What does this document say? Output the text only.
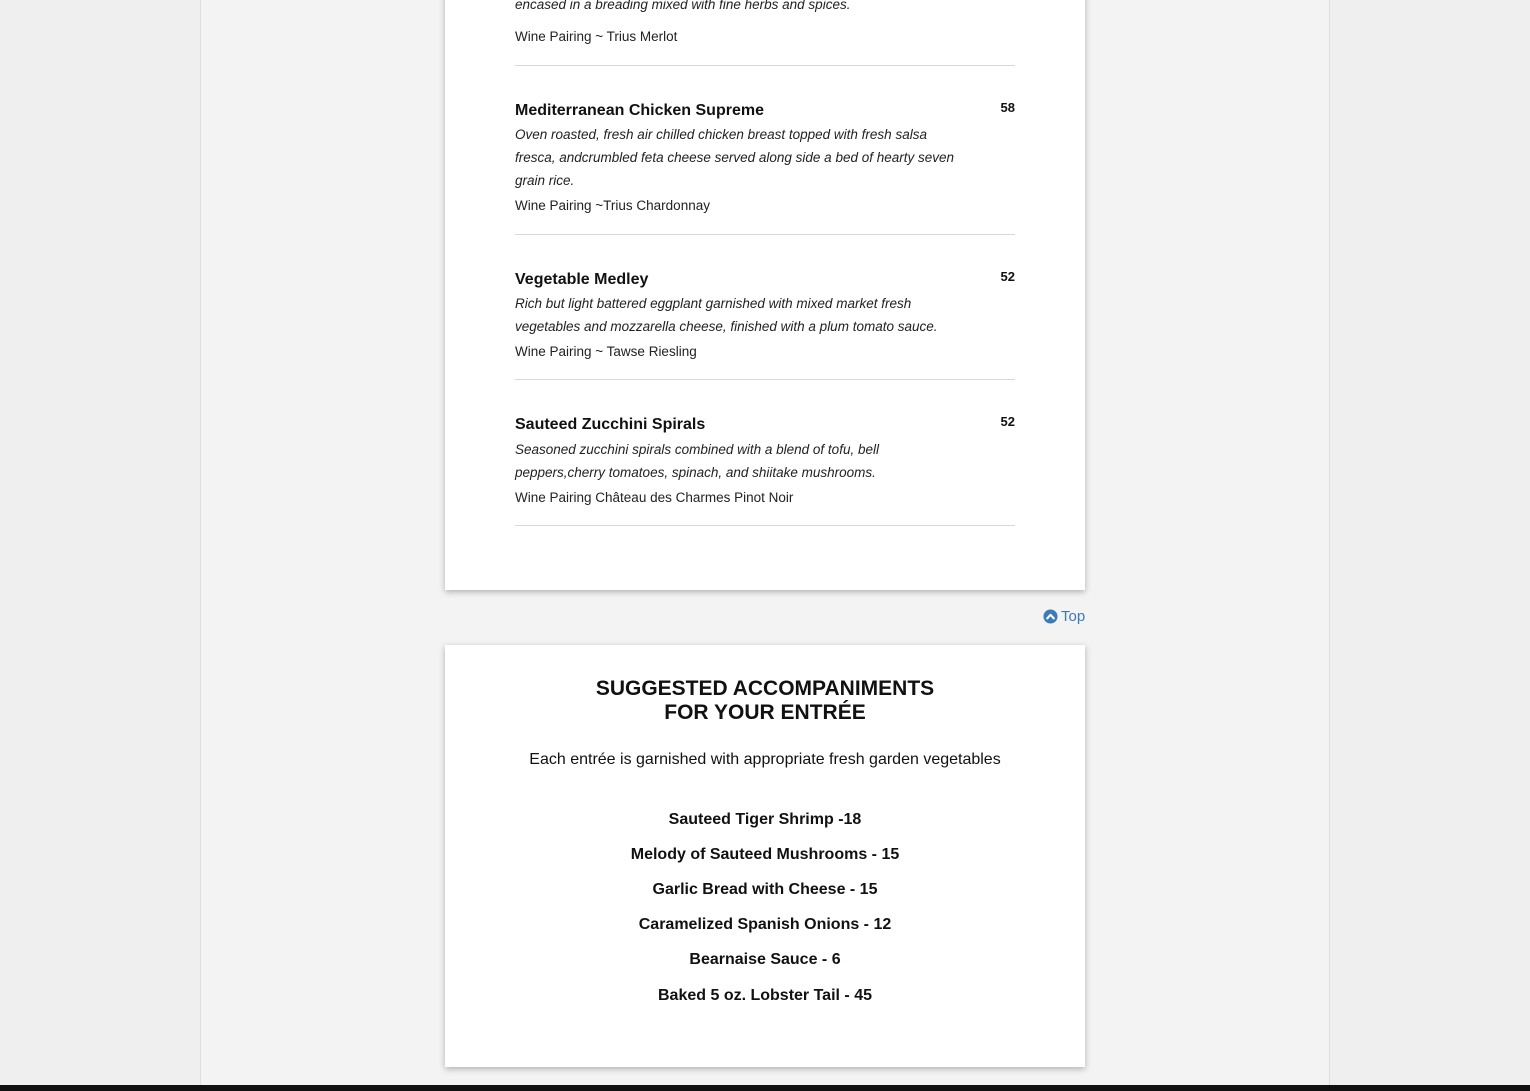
encased in a breading mixed with fine herbs and spices.
Wine Pairing ~ Trius Merlot
Mediterranean Chicken Supreme	58
Oven roasted, fresh air chilled chicken breast topped with fresh salsa
fresca, andcrumbled feta cheese served along side a bed of hearty seven
grain rice.
Wine Pairing ~Trius Chardonnay
Vegetable Medley	52
Rich but light battered eggplant garnished with mixed market fresh
vegetables and mozzarella cheese, finished with a plum tomato sauce.
Wine Pairing ~ Tawse Riesling
Sauteed Zucchini Spirals	52
Seasoned zucchini spirals combined with a blend of tofu, bell
peppers,cherry tomatoes, spinach, and shiitake mushrooms.
Wine Pairing Château des Charmes Pinot Noir
Top
SUGGESTED ACCOMPANIMENTS
FOR YOUR ENTRÉE
Each entrée is garnished with appropriate fresh garden vegetables
Sauteed Tiger Shrimp -18
Melody of Sauteed Mushrooms - 15
Garlic Bread with Cheese - 15
Caramelized Spanish Onions - 12
Bearnaise Sauce - 6
Baked 5 oz. Lobster Tail - 45
